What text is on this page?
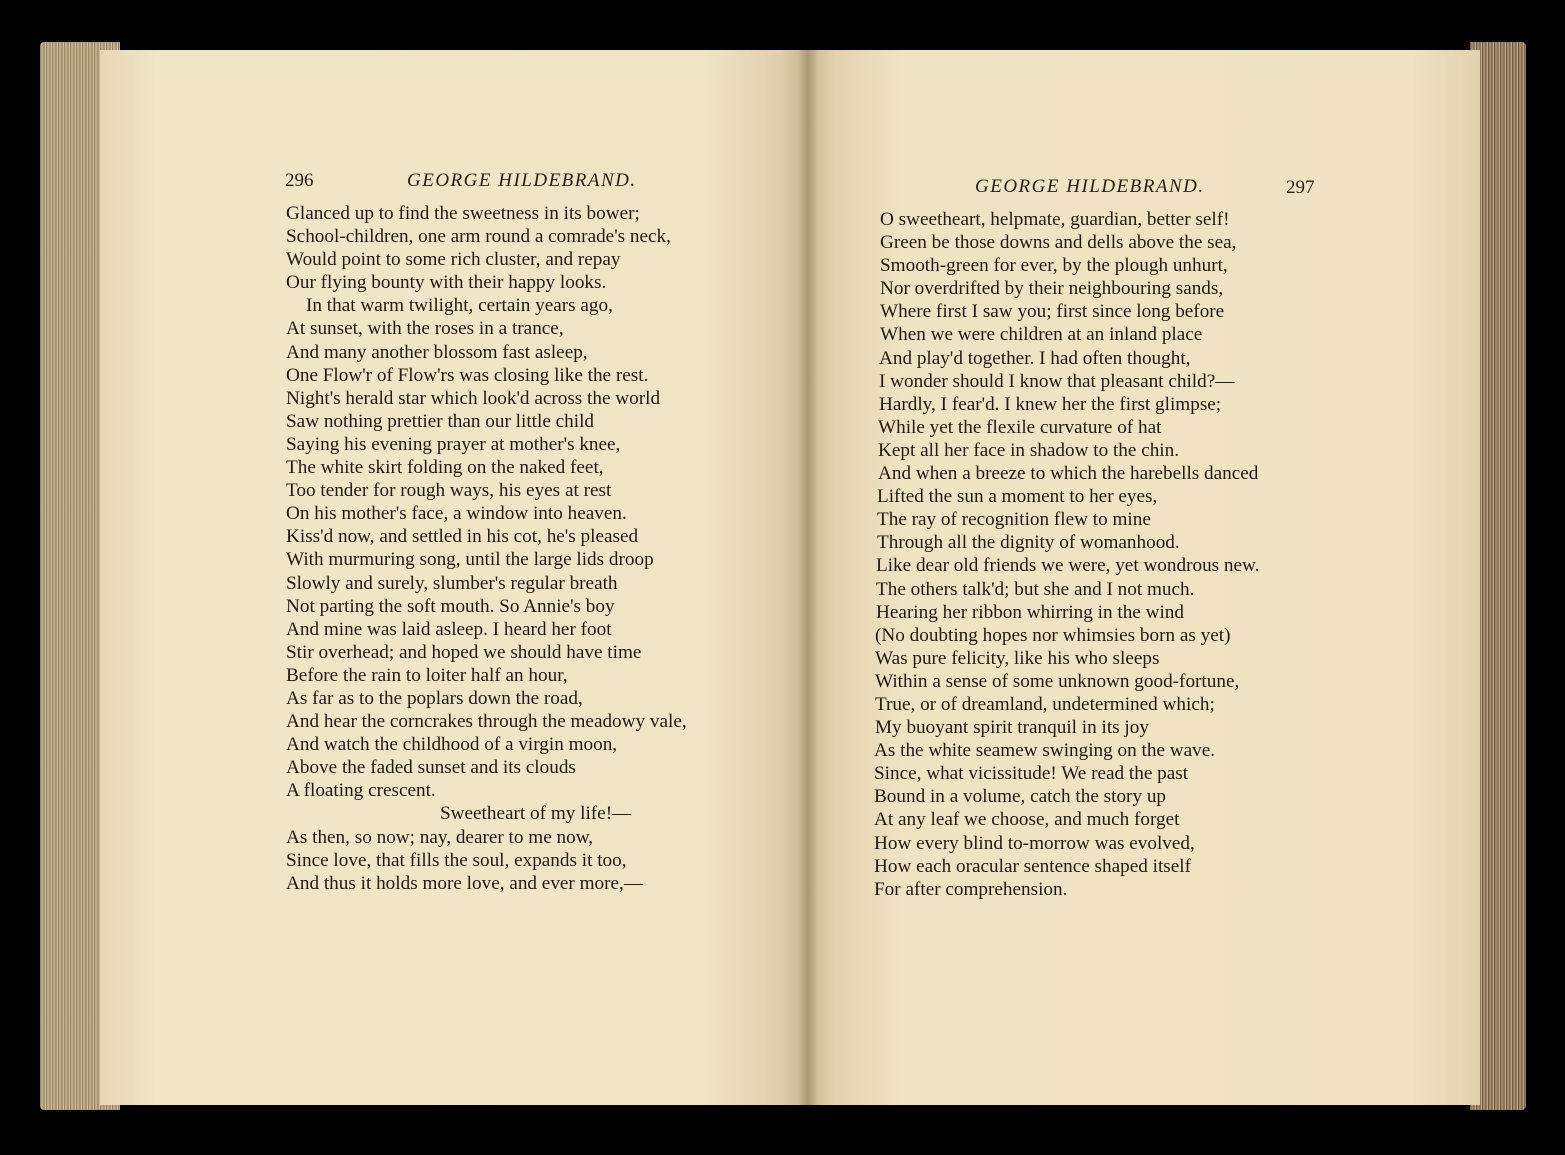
296	GEORGE HILDEBRAND.	GEORGE HILDEBRAND.	297
Glanced up to find the sweetness in its bower;
School-children, one arm round a comrade's neck,
Would point to some rich cluster, and repay
Our flying bounty with their happy looks.
In that warm twilight, certain years ago,
At sunset, with the roses in a trance,
And many another blossom fast asleep,
One Flow'r of Flow'rs was closing like the rest.
Night's herald star which look'd across the world
Saw nothing prettier than our little child
Saying his evening prayer at mother's knee,
The white skirt folding on the naked feet,
Too tender for rough ways, his eyes at rest
On his mother's face, a window into heaven.
Kiss'd now, and settled in his cot, he's pleased
With murmuring song, until the large lids droop
Slowly and surely, slumber's regular breath
Not parting the soft mouth. So Annie's boy
And mine was laid asleep. I heard her foot
Stir overhead; and hoped we should have time
Before the rain to loiter half an hour,
As far as to the poplars down the road,
And hear the corncrakes through the meadowy vale,
And watch the childhood of a virgin moon,
Above the faded sunset and its clouds
A floating crescent.
Sweetheart of my life!—
As then, so now; nay, dearer to me now,
Since love, that fills the soul, expands it too,
And thus it holds more love, and ever more,—
O sweetheart, helpmate, guardian, better self!
Green be those downs and dells above the sea,
Smooth-green for ever, by the plough unhurt,
Nor overdrifted by their neighbouring sands,
Where first I saw you; first since long before
When we were children at an inland place
And play'd together. I had often thought,
I wonder should I know that pleasant child?—
Hardly, I fear'd. I knew her the first glimpse;
While yet the flexile curvature of hat
Kept all her face in shadow to the chin.
And when a breeze to which the harebells danced
Lifted the sun a moment to her eyes,
The ray of recognition flew to mine
Through all the dignity of womanhood.
Like dear old friends we were, yet wondrous new.
The others talk'd; but she and I not much.
Hearing her ribbon whirring in the wind
(No doubting hopes nor whimsies born as yet)
Was pure felicity, like his who sleeps
Within a sense of some unknown good-fortune,
True, or of dreamland, undetermined which;
My buoyant spirit tranquil in its joy
As the white seamew swinging on the wave.
Since, what vicissitude! We read the past
Bound in a volume, catch the story up
At any leaf we choose, and much forget
How every blind to-morrow was evolved,
How each oracular sentence shaped itself
For after comprehension.
